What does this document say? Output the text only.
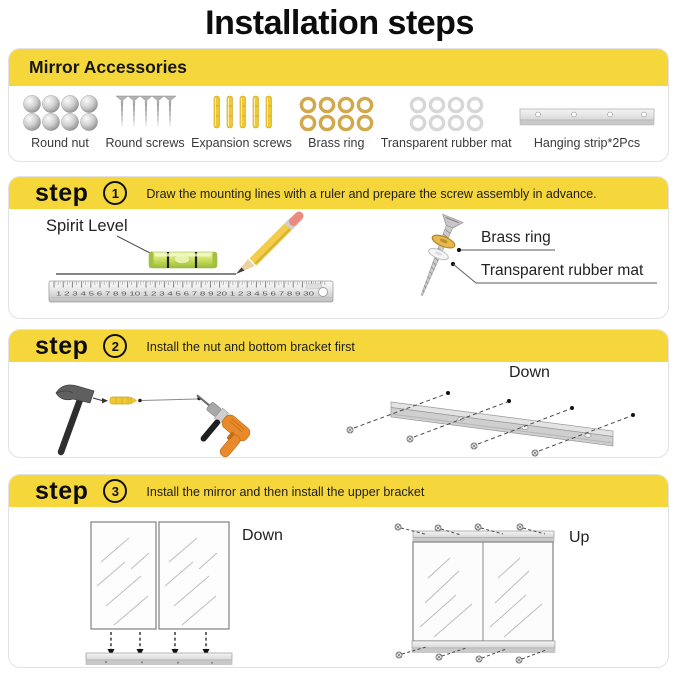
Installation steps
Mirror Accessories
Round nut Round screws Expansion screws Brass ring Transparent rubber mat Hanging strip*2Pcs
step	1	Draw the mounting lines with a ruler and prepare the screw assembly in advance.
1 2 3 4 5 6 7 8 9 10 1 2 3 4 5 6 7 8 9 20 1 2 3 4 5 6 7 8 9 30
Spirit Level
Brass ring
Transparent rubber mat
step	2	Install the nut and bottom bracket first
Down
step	3	Install the mirror and then install the upper bracket
Down	Up
